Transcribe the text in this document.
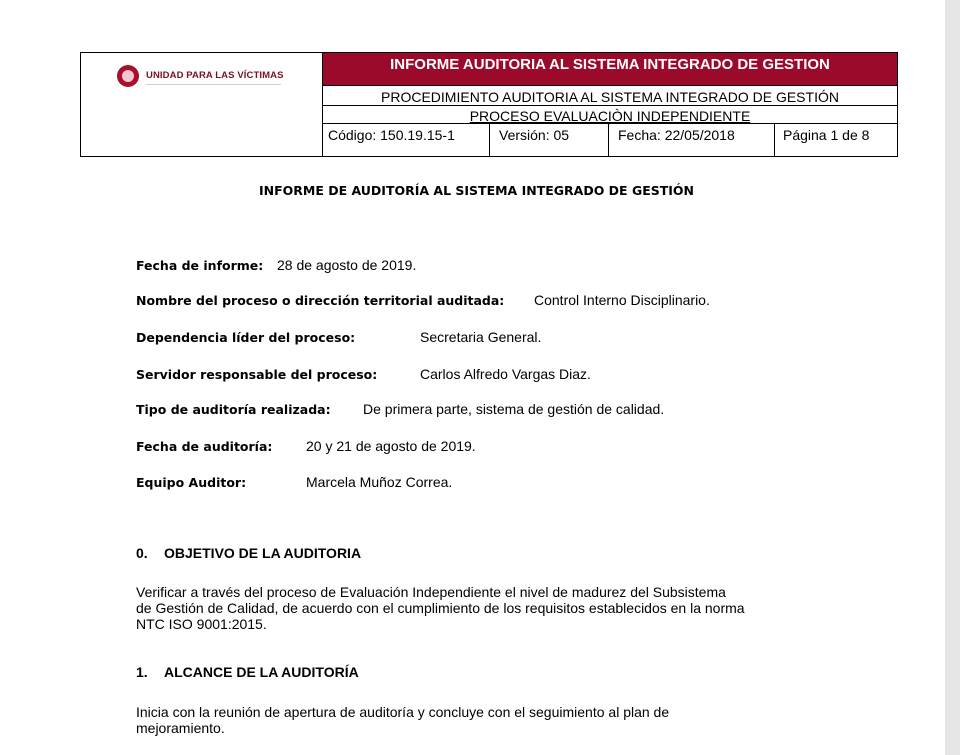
UNIDAD PARA LAS VÍCTIMAS
INFORME AUDITORIA AL SISTEMA INTEGRADO DE GESTION
PROCEDIMIENTO AUDITORIA AL SISTEMA INTEGRADO DE GESTIÓN
PROCESO EVALUACIÒN INDEPENDIENTE
Código: 150.19.15-1	Versión: 05	Fecha: 22/05/2018	Página 1 de 8
INFORME DE AUDITORÍA AL SISTEMA INTEGRADO DE GESTIÓN
Fecha de informe: 28 de agosto de 2019.
Nombre del proceso o dirección territorial auditada: Control Interno Disciplinario.
Dependencia líder del proceso:	Secretaria General.
Servidor responsable del proceso:	Carlos Alfredo Vargas Diaz.
Tipo de auditoría realizada: De primera parte, sistema de gestión de calidad.
Fecha de auditoría: 20 y 21 de agosto de 2019.
Equipo Auditor:	Marcela Muñoz Correa.
0. OBJETIVO DE LA AUDITORIA
Verificar a través del proceso de Evaluación Independiente el nivel de madurez del Subsistema
de Gestión de Calidad, de acuerdo con el cumplimiento de los requisitos establecidos en la norma
NTC ISO 9001:2015.
1. ALCANCE DE LA AUDITORÍA
Inicia con la reunión de apertura de auditoría y concluye con el seguimiento al plan de
mejoramiento.
